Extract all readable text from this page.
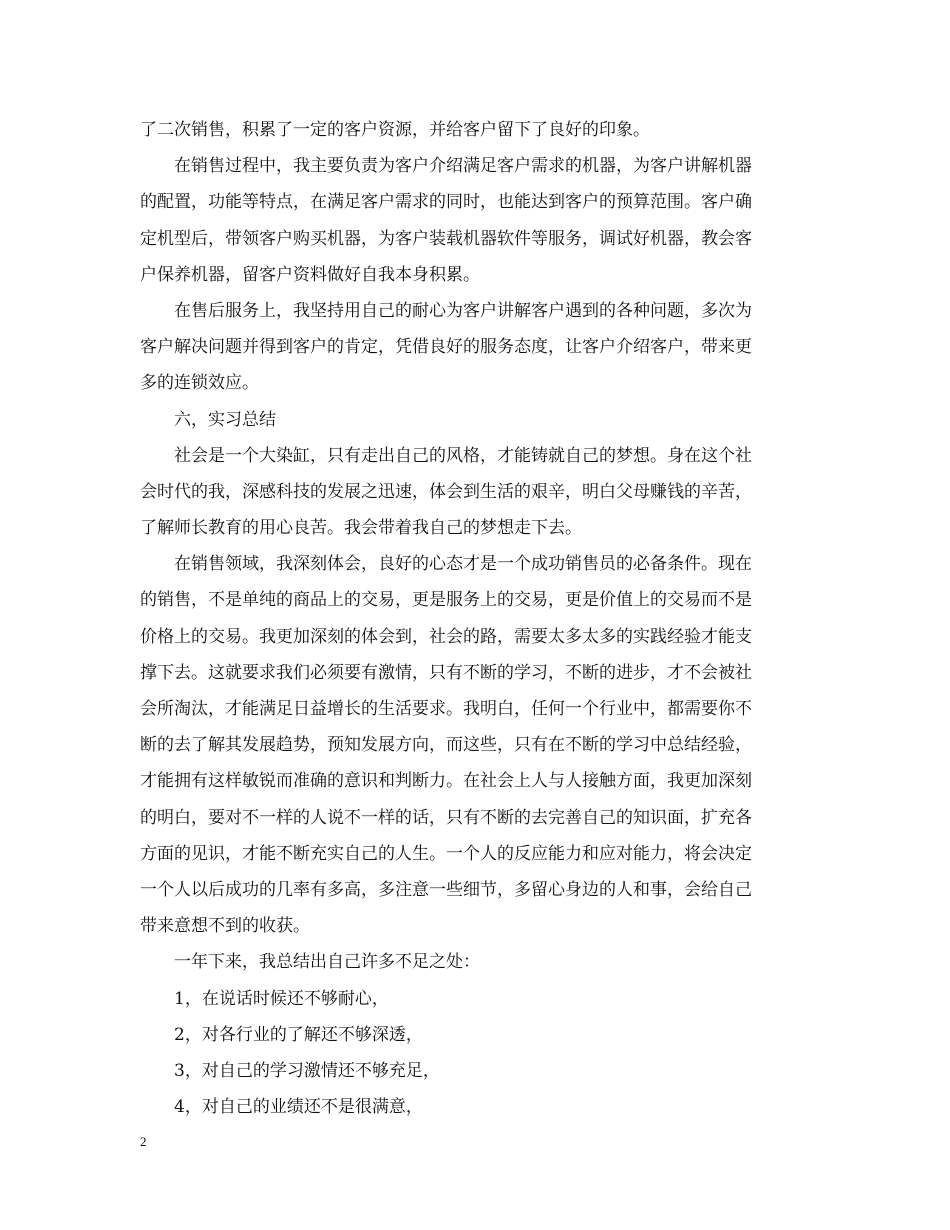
了二次销售，积累了一定的客户资源，并给客户留下了良好的印象。
在销售过程中，我主要负责为客户介绍满足客户需求的机器，为客户讲解机器
的配置，功能等特点，在满足客户需求的同时，也能达到客户的预算范围。客户确
定机型后，带领客户购买机器，为客户装载机器软件等服务，调试好机器，教会客
户保养机器，留客户资料做好自我本身积累。
在售后服务上，我坚持用自己的耐心为客户讲解客户遇到的各种问题，多次为
客户解决问题并得到客户的肯定，凭借良好的服务态度，让客户介绍客户，带来更
多的连锁效应。
六，实习总结
社会是一个大染缸，只有走出自己的风格，才能铸就自己的梦想。身在这个社
会时代的我，深感科技的发展之迅速，体会到生活的艰辛，明白父母赚钱的辛苦，
了解师长教育的用心良苦。我会带着我自己的梦想走下去。
在销售领域，我深刻体会，良好的心态才是一个成功销售员的必备条件。现在
的销售，不是单纯的商品上的交易，更是服务上的交易，更是价值上的交易而不是
价格上的交易。我更加深刻的体会到，社会的路，需要太多太多的实践经验才能支
撑下去。这就要求我们必须要有激情，只有不断的学习，不断的进步，才不会被社
会所淘汰，才能满足日益增长的生活要求。我明白，任何一个行业中，都需要你不
断的去了解其发展趋势，预知发展方向，而这些，只有在不断的学习中总结经验，
才能拥有这样敏锐而准确的意识和判断力。在社会上人与人接触方面，我更加深刻
的明白，要对不一样的人说不一样的话，只有不断的去完善自己的知识面，扩充各
方面的见识，才能不断充实自己的人生。一个人的反应能力和应对能力，将会决定
一个人以后成功的几率有多高，多注意一些细节，多留心身边的人和事，会给自己
带来意想不到的收获。
一年下来，我总结出自己许多不足之处：
1，在说话时候还不够耐心，
2，对各行业的了解还不够深透，
3，对自己的学习激情还不够充足，
4，对自己的业绩还不是很满意，
2
